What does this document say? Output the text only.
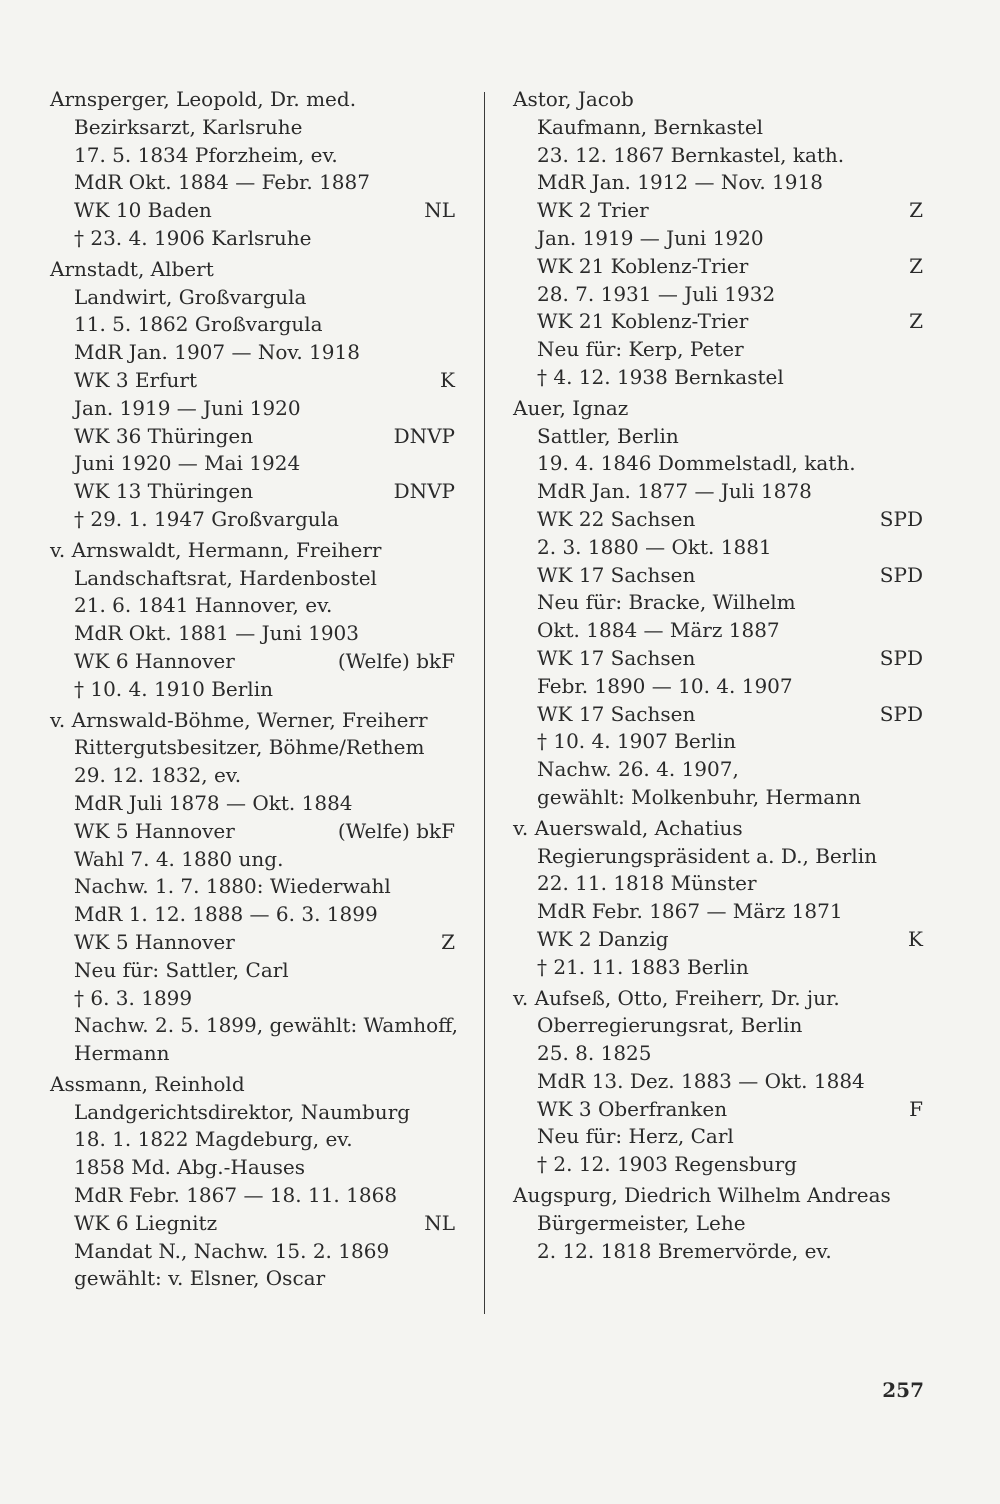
Arnsperger, Leopold, Dr. med.
Bezirksarzt, Karlsruhe
17. 5. 1834 Pforzheim, ev.
MdR Okt. 1884 — Febr. 1887
WK 10 Baden	NL
† 23. 4. 1906 Karlsruhe
Arnstadt, Albert
Landwirt, Großvargula
11. 5. 1862 Großvargula
MdR Jan. 1907 — Nov. 1918
WK 3 Erfurt	K
Jan. 1919 — Juni 1920
WK 36 Thüringen	DNVP
Juni 1920 — Mai 1924
WK 13 Thüringen	DNVP
† 29. 1. 1947 Großvargula
v. Arnswaldt, Hermann, Freiherr
Landschaftsrat, Hardenbostel
21. 6. 1841 Hannover, ev.
MdR Okt. 1881 — Juni 1903
WK 6 Hannover	(Welfe) bkF
† 10. 4. 1910 Berlin
v. Arnswald-Böhme, Werner, Freiherr
Rittergutsbesitzer, Böhme/Rethem
29. 12. 1832, ev.
MdR Juli 1878 — Okt. 1884
WK 5 Hannover	(Welfe) bkF
Wahl 7. 4. 1880 ung.
Nachw. 1. 7. 1880: Wiederwahl
MdR 1. 12. 1888 — 6. 3. 1899
WK 5 Hannover	Z
Neu für: Sattler, Carl
† 6. 3. 1899
Nachw. 2. 5. 1899, gewählt: Wamhoff,
Hermann
Assmann, Reinhold
Landgerichtsdirektor, Naumburg
18. 1. 1822 Magdeburg, ev.
1858 Md. Abg.-Hauses
MdR Febr. 1867 — 18. 11. 1868
WK 6 Liegnitz	NL
Mandat N., Nachw. 15. 2. 1869
gewählt: v. Elsner, Oscar
Astor, Jacob
Kaufmann, Bernkastel
23. 12. 1867 Bernkastel, kath.
MdR Jan. 1912 — Nov. 1918
WK 2 Trier	Z
Jan. 1919 — Juni 1920
WK 21 Koblenz-Trier	Z
28. 7. 1931 — Juli 1932
WK 21 Koblenz-Trier	Z
Neu für: Kerp, Peter
† 4. 12. 1938 Bernkastel
Auer, Ignaz
Sattler, Berlin
19. 4. 1846 Dommelstadl, kath.
MdR Jan. 1877 — Juli 1878
WK 22 Sachsen	SPD
2. 3. 1880 — Okt. 1881
WK 17 Sachsen	SPD
Neu für: Bracke, Wilhelm
Okt. 1884 — März 1887
WK 17 Sachsen	SPD
Febr. 1890 — 10. 4. 1907
WK 17 Sachsen	SPD
† 10. 4. 1907 Berlin
Nachw. 26. 4. 1907,
gewählt: Molkenbuhr, Hermann
v. Auerswald, Achatius
Regierungspräsident a. D., Berlin
22. 11. 1818 Münster
MdR Febr. 1867 — März 1871
WK 2 Danzig	K
† 21. 11. 1883 Berlin
v. Aufseß, Otto, Freiherr, Dr. jur.
Oberregierungsrat, Berlin
25. 8. 1825
MdR 13. Dez. 1883 — Okt. 1884
WK 3 Oberfranken	F
Neu für: Herz, Carl
† 2. 12. 1903 Regensburg
Augspurg, Diedrich Wilhelm Andreas
Bürgermeister, Lehe
2. 12. 1818 Bremervörde, ev.
257
